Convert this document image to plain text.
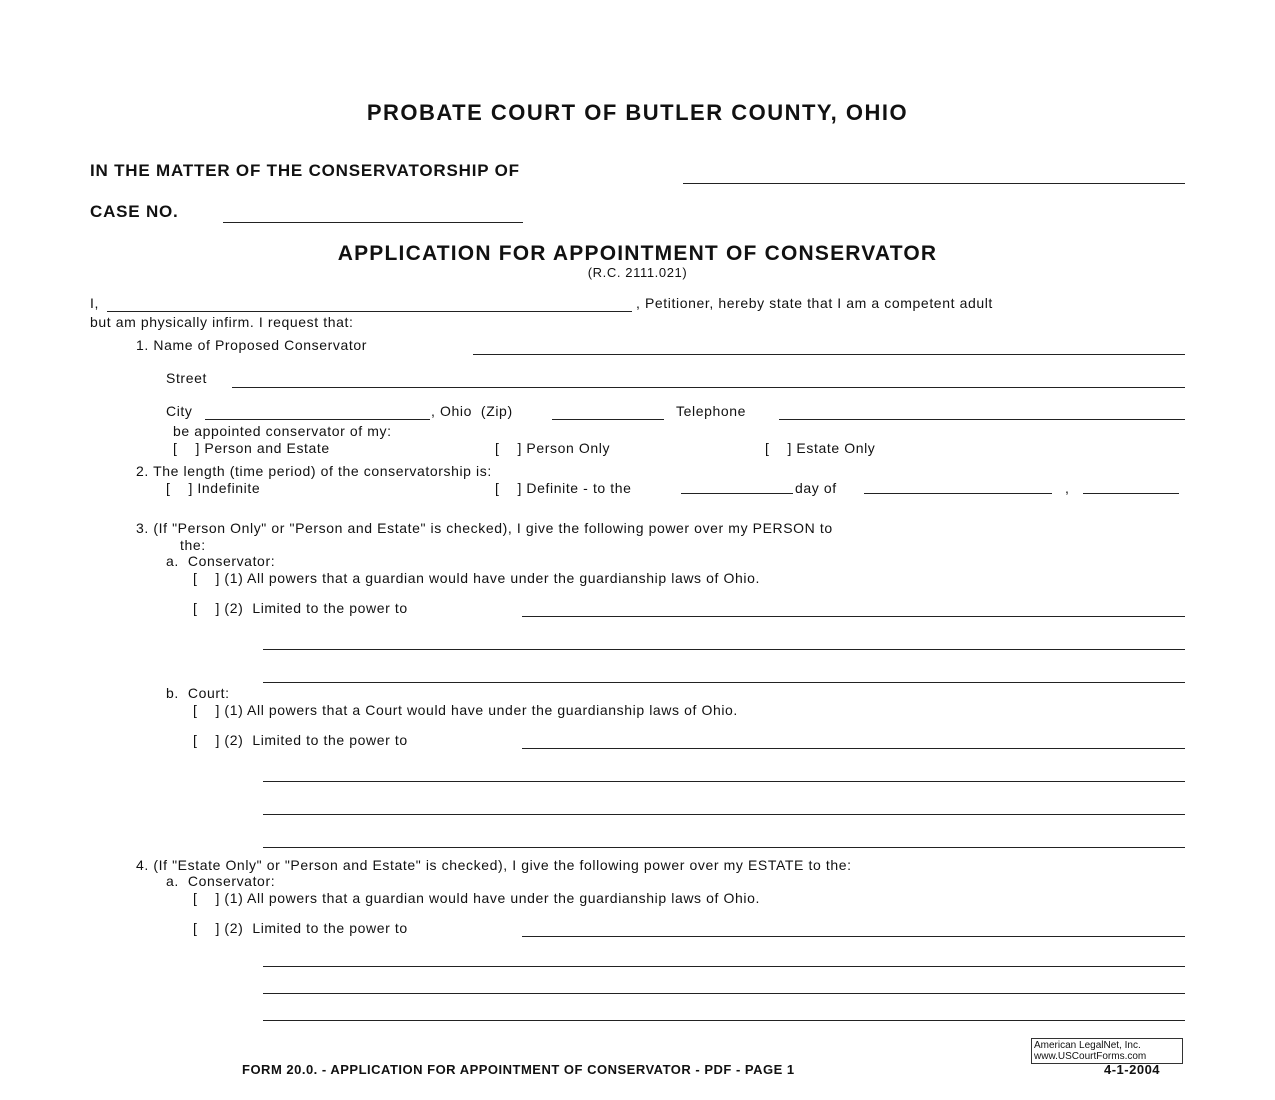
PROBATE COURT OF BUTLER COUNTY, OHIO
IN THE MATTER OF THE CONSERVATORSHIP OF
CASE NO.
APPLICATION FOR APPOINTMENT OF CONSERVATOR
(R.C. 2111.021)
I,	, Petitioner, hereby state that I am a competent adult
but am physically infirm. I request that:
1. Name of Proposed Conservator
Street
City	, Ohio  (Zip)	Telephone
be appointed conservator of my:
[    ] Person and Estate	[    ] Person Only	[    ] Estate Only
2. The length (time period) of the conservatorship is:
[    ] Indefinite	[    ] Definite - to the	day of	,
3. (If "Person Only" or "Person and Estate" is checked), I give the following power over my PERSON to
the:
a.  Conservator:
[    ] (1) All powers that a guardian would have under the guardianship laws of Ohio.
[    ] (2)  Limited to the power to
b.  Court:
[    ] (1) All powers that a Court would have under the guardianship laws of Ohio.
[    ] (2)  Limited to the power to
4. (If "Estate Only" or "Person and Estate" is checked), I give the following power over my ESTATE to the:
a.  Conservator:
[    ] (1) All powers that a guardian would have under the guardianship laws of Ohio.
[    ] (2)  Limited to the power to
American LegalNet, Inc.
www.USCourtForms.com
FORM 20.0. - APPLICATION FOR APPOINTMENT OF CONSERVATOR - PDF - PAGE 1	4-1-2004
